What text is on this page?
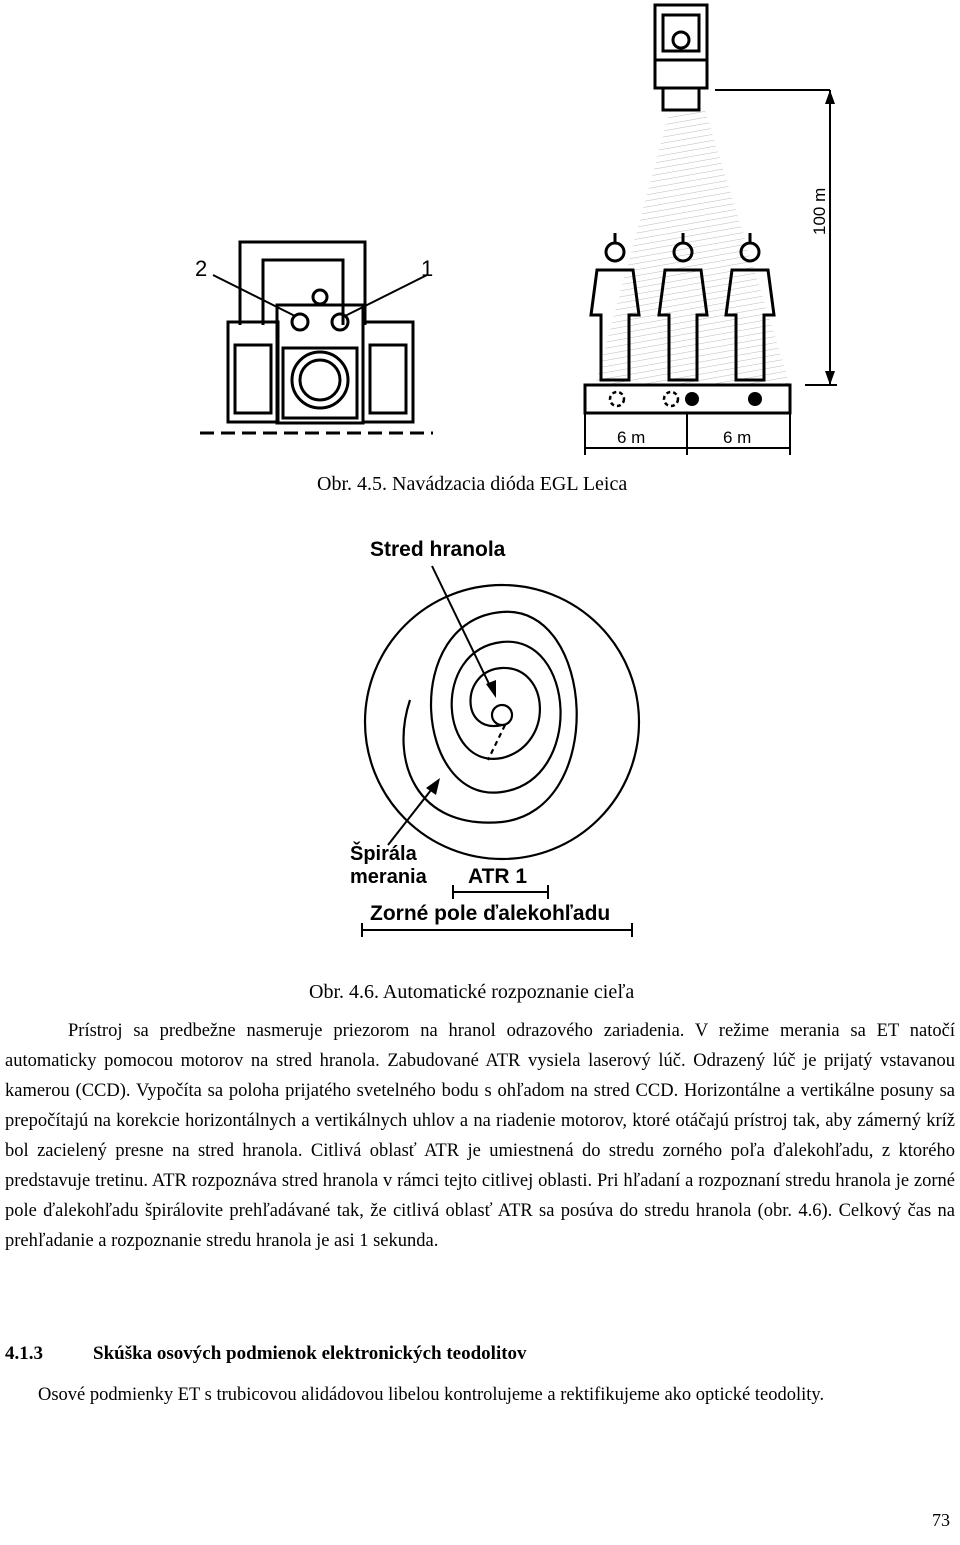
2	1
100 m
6 m	6 m
Obr. 4.5. Navádzacia dióda EGL Leica
Stred hranola
Špirála
merania ATR 1
Zorné pole ďalekohľadu
Obr. 4.6. Automatické rozpoznanie cieľa

Prístroj sa predbežne nasmeruje priezorom na hranol odrazového zariadenia. V režime merania sa ET natočí automaticky pomocou motorov na stred hranola. Zabudované ATR vysiela laserový lúč. Odrazený lúč je prijatý vstavanou kamerou (CCD). Vypočíta sa poloha prijatého svetelného bodu s ohľadom na stred CCD. Horizontálne a vertikálne posuny sa prepočítajú na korekcie horizontálnych a vertikálnych uhlov a na riadenie motorov, ktoré otáčajú prístroj tak, aby zámerný kríž bol zacielený presne na stred hranola. Citlivá oblasť ATR je umiestnená do stredu zorného poľa ďalekohľadu, z ktorého predstavuje tretinu. ATR rozpoznáva stred hranola v rámci tejto citlivej oblasti. Pri hľadaní a rozpoznaní stredu hranola je zorné pole ďalekohľadu špirálovite prehľadávané tak, že citlivá oblasť ATR sa posúva do stredu hranola (obr. 4.6). Celkový čas na prehľadanie a rozpoznanie stredu hranola je asi 1 sekunda.

4.1.3	Skúška osových podmienok elektronických teodolitov

Osové podmienky ET s trubicovou alidádovou libelou kontrolujeme a rektifikujeme ako optické teodolity.

73
